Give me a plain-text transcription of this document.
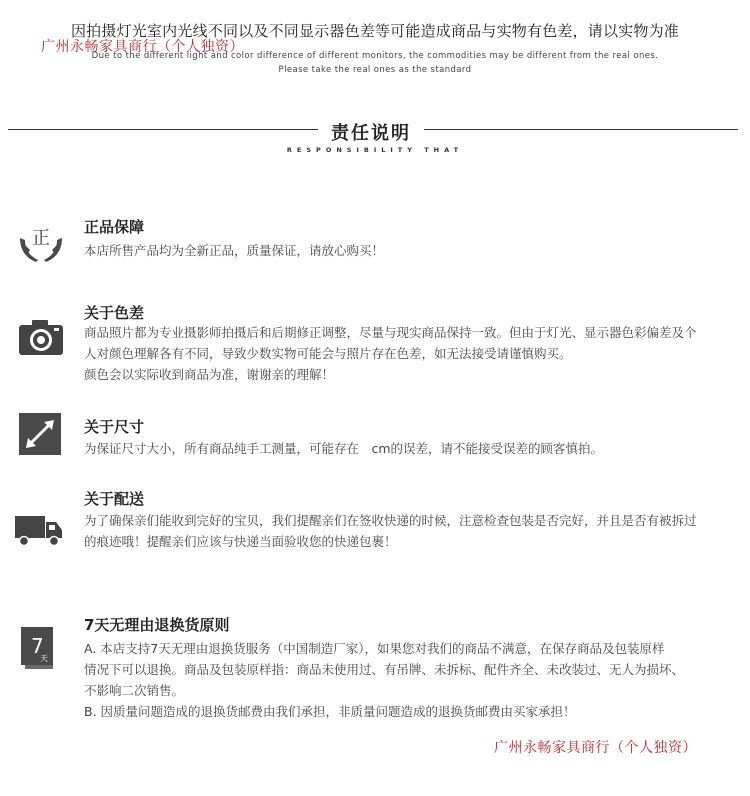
因拍摄灯光室内光线不同以及不同显示器色差等可能造成商品与实物有色差，请以实物为准
广州永畅家具商行（个人独资）
Due to the different light and color difference of different monitors, the commodities may be different from the real ones.
Please take the real ones as the standard
责任说明
RESPONSIBILITY THAT
正
正品保障
本店所售产品均为全新正品，质量保证，请放心购买！
关于色差
商品照片都为专业摄影师拍摄后和后期修正调整，尽量与现实商品保持一致。但由于灯光、显示器色彩偏差及个
人对颜色理解各有不同，导致少数实物可能会与照片存在色差，如无法接受请谨慎购买。
颜色会以实际收到商品为准，谢谢亲的理解！
关于尺寸
为保证尺寸大小，所有商品纯手工测量，可能存在　cm的误差，请不能接受误差的顾客慎拍。
关于配送
为了确保亲们能收到完好的宝贝，我们提醒亲们在签收快递的时候，注意检查包装是否完好，并且是否有被拆过
的痕迹哦！提醒亲们应该与快递当面验收您的快递包裹！
7
天
7天无理由退换货原则
A. 本店支持7天无理由退换货服务（中国制造厂家），如果您对我们的商品不满意，在保存商品及包装原样
情况下可以退换。商品及包装原样指：商品未使用过、有吊牌、未拆标、配件齐全、未改装过、无人为损坏、
不影响二次销售。
B. 因质量问题造成的退换货邮费由我们承担，非质量问题造成的退换货邮费由买家承担！
广州永畅家具商行（个人独资）
